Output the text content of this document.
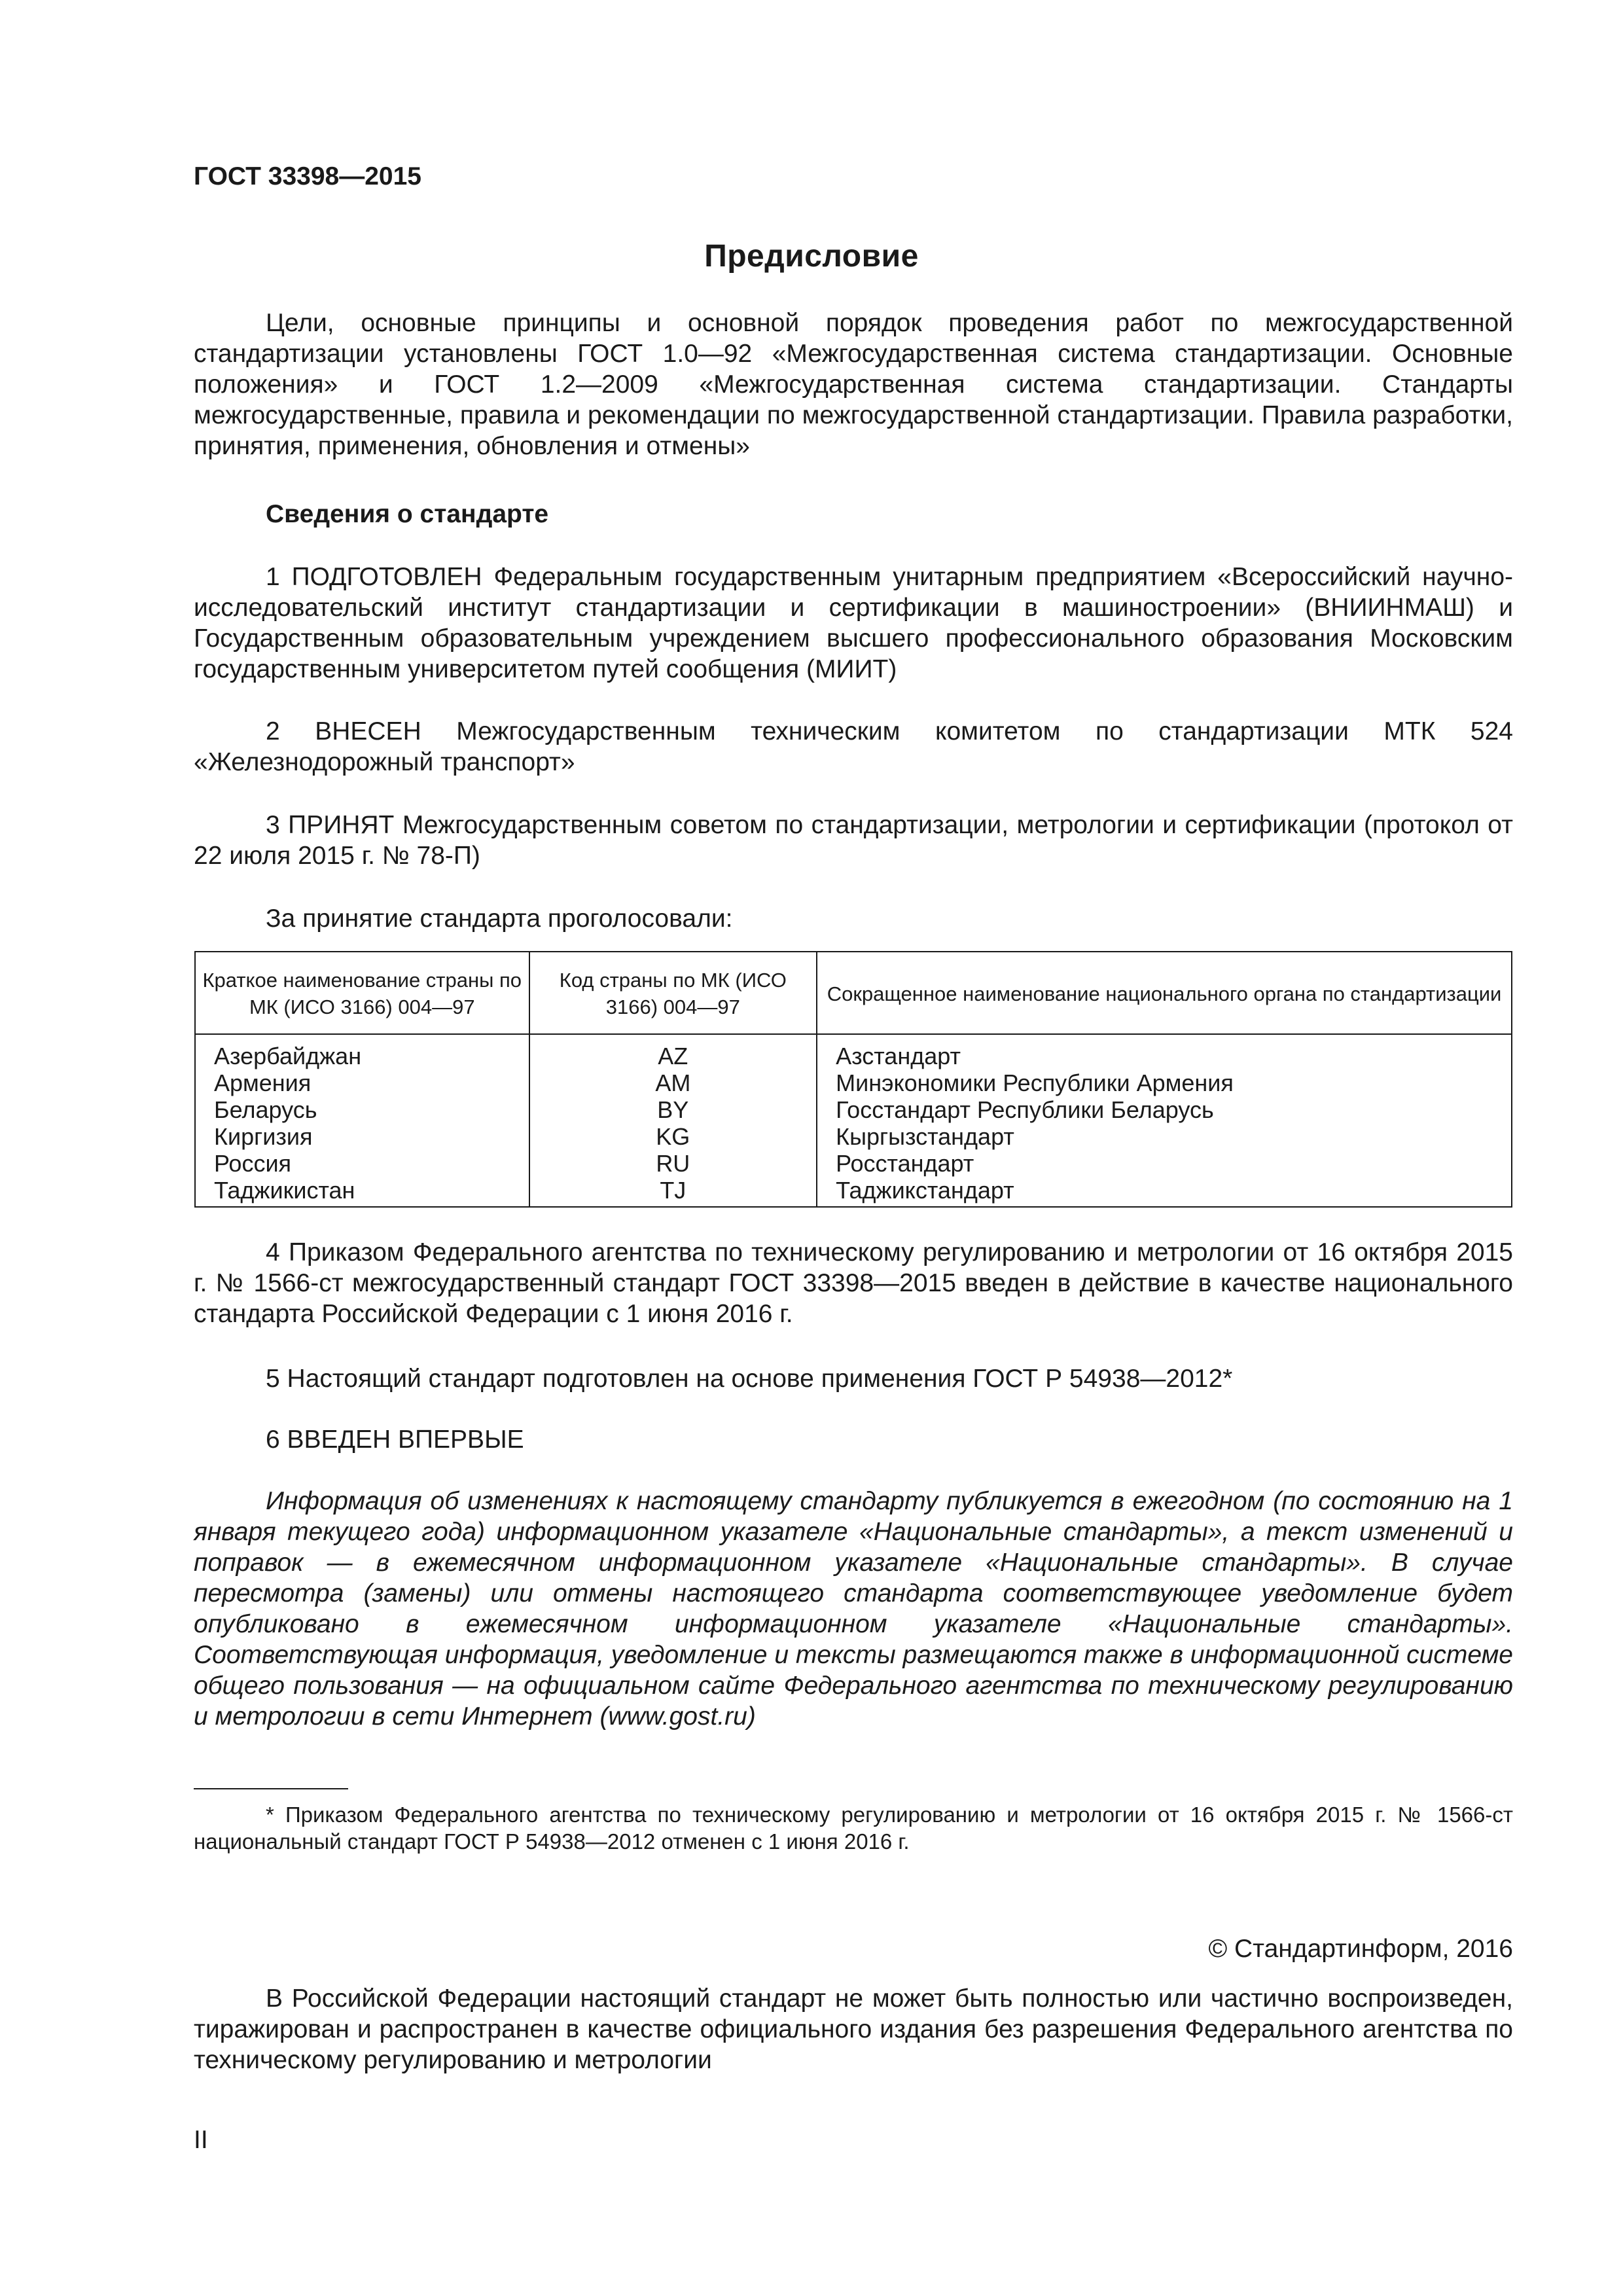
ГОСТ 33398—2015
Предисловие
Цели, основные принципы и основной порядок проведения работ по межгосударственной стандартизации установлены ГОСТ 1.0—92 «Межгосударственная система стандартизации. Основные положения» и ГОСТ 1.2—2009 «Межгосударственная система стандартизации. Стандарты межгосударственные, правила и рекомендации по межгосударственной стандартизации. Правила разработки, принятия, применения, обновления и отмены»
Сведения о стандарте
1 ПОДГОТОВЛЕН Федеральным государственным унитарным предприятием «Всероссийский научно-исследовательский институт стандартизации и сертификации в машиностроении» (ВНИИНМАШ) и Государственным образовательным учреждением высшего профессионального образования Московским государственным университетом путей сообщения (МИИТ)
2 ВНЕСЕН Межгосударственным техническим комитетом по стандартизации МТК 524 «Железнодорожный транспорт»
3 ПРИНЯТ Межгосударственным советом по стандартизации, метрологии и сертификации (протокол от 22 июля 2015 г. № 78-П)
За принятие стандарта проголосовали:
Краткое наименование страны по МК (ИСО 3166) 004—97	Код страны по МК (ИСО 3166) 004—97	Сокращенное наименование национального органа по стандартизации

Азербайджан	AZ	Азстандарт
Армения	AM	Минэкономики Республики Армения
Беларусь	BY	Госстандарт Республики Беларусь
Киргизия	KG	Кыргызстандарт
Россия	RU	Росстандарт
Таджикистан	TJ	Таджикстандарт
4 Приказом Федерального агентства по техническому регулированию и метрологии от 16 октября 2015 г. № 1566-ст межгосударственный стандарт ГОСТ 33398—2015 введен в действие в качестве национального стандарта Российской Федерации с 1 июня 2016 г.
5 Настоящий стандарт подготовлен на основе применения ГОСТ Р 54938—2012*
6 ВВЕДЕН ВПЕРВЫЕ
Информация об изменениях к настоящему стандарту публикуется в ежегодном (по состоянию на 1 января текущего года) информационном указателе «Национальные стандарты», а текст изменений и поправок — в ежемесячном информационном указателе «Национальные стандарты». В случае пересмотра (замены) или отмены настоящего стандарта соответствующее уведомление будет опубликовано в ежемесячном информационном указателе «Национальные стандарты». Соответствующая информация, уведомление и тексты размещаются также в информационной системе общего пользования — на официальном сайте Федерального агентства по техническому регулированию и метрологии в сети Интернет (www.gost.ru)
* Приказом Федерального агентства по техническому регулированию и метрологии от 16 октября 2015 г. № 1566-ст национальный стандарт ГОСТ Р 54938—2012 отменен с 1 июня 2016 г.
© Стандартинформ, 2016
В Российской Федерации настоящий стандарт не может быть полностью или частично воспроизведен, тиражирован и распространен в качестве официального издания без разрешения Федерального агентства по техническому регулированию и метрологии
II
